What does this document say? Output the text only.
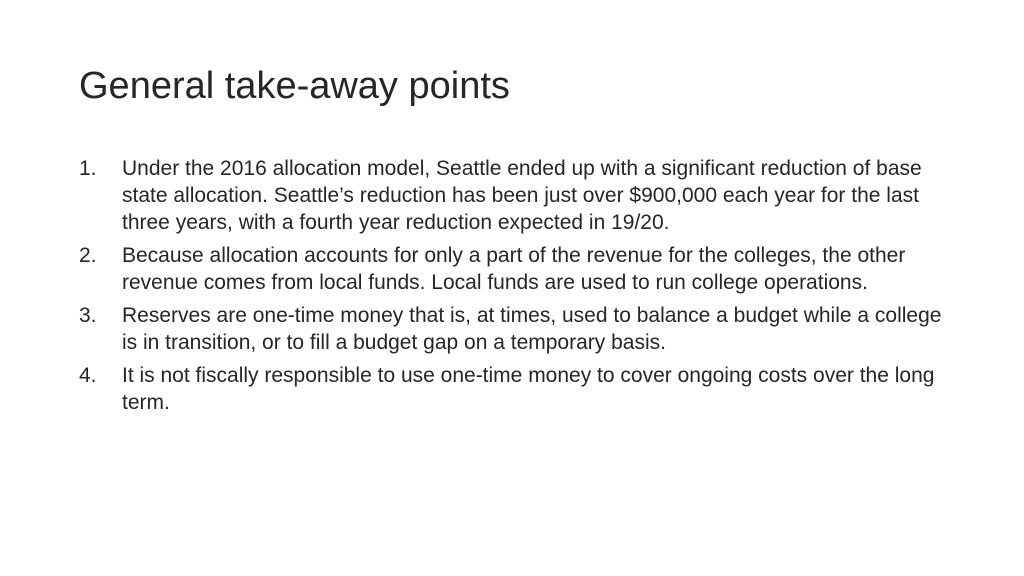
General take-away points
1. Under the 2016 allocation model, Seattle ended up with a significant reduction of base state allocation. Seattle’s reduction has been just over $900,000 each year for the last three years, with a fourth year reduction expected in 19/20.
2. Because allocation accounts for only a part of the revenue for the colleges, the other revenue comes from local funds. Local funds are used to run college operations.
3. Reserves are one-time money that is, at times, used to balance a budget while a college is in transition, or to fill a budget gap on a temporary basis.
4. It is not fiscally responsible to use one-time money to cover ongoing costs over the long term.
